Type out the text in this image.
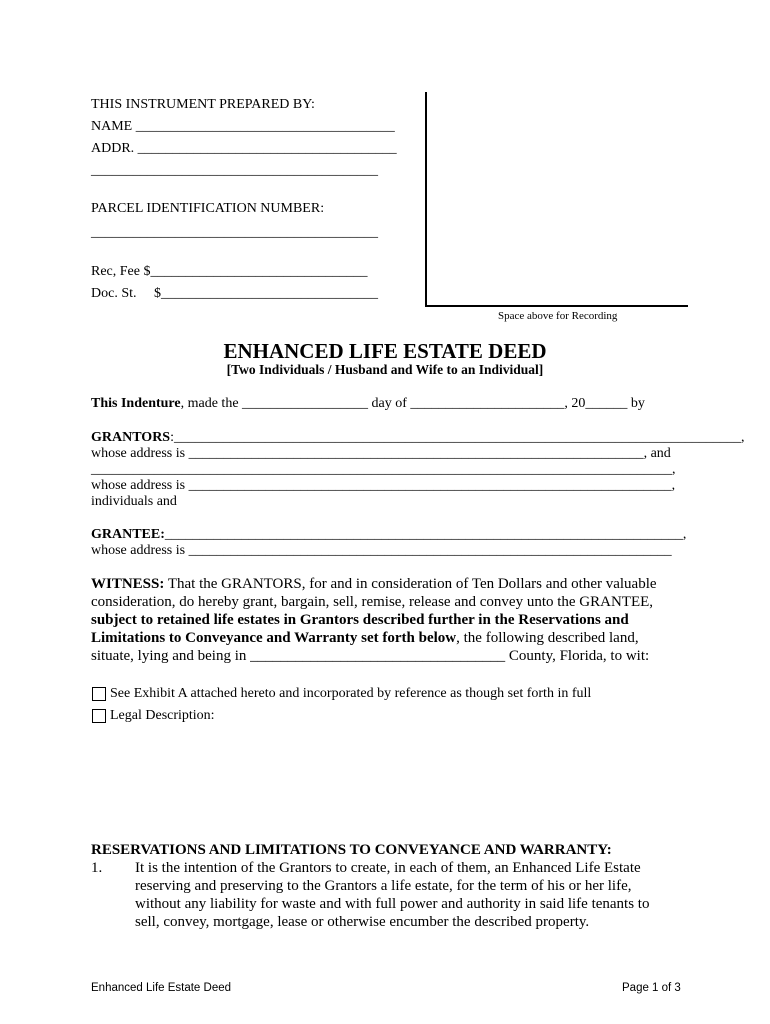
THIS INSTRUMENT PREPARED BY:
NAME _____________________________________
ADDR. _____________________________________
_________________________________________
PARCEL IDENTIFICATION NUMBER:
_________________________________________
Rec, Fee $_______________________________
Doc. St.     $_______________________________
Space above for Recording
ENHANCED LIFE ESTATE DEED
[Two Individuals / Husband and Wife to an Individual]
This Indenture, made the __________________ day of ______________________, 20______ by
GRANTORS:_________________________________________________________________________________,
whose address is _________________________________________________________________, and
___________________________________________________________________________________,
whose address is _____________________________________________________________________,
individuals and
GRANTEE:__________________________________________________________________________,
whose address is _____________________________________________________________________
WITNESS: That the GRANTORS, for and in consideration of Ten Dollars and other valuable
consideration, do hereby grant, bargain, sell, remise, release and convey unto the GRANTEE,
subject to retained life estates in Grantors described further in the Reservations and
Limitations to Conveyance and Warranty set forth below, the following described land,
situate, lying and being in __________________________________ County, Florida, to wit:
See Exhibit A attached hereto and incorporated by reference as though set forth in full
Legal Description:
RESERVATIONS AND LIMITATIONS TO CONVEYANCE AND WARRANTY:
1. It is the intention of the Grantors to create, in each of them, an Enhanced Life Estate
reserving and preserving to the Grantors a life estate, for the term of his or her life,
without any liability for waste and with full power and authority in said life tenants to
sell, convey, mortgage, lease or otherwise encumber the described property.
Enhanced Life Estate Deed	Page 1 of 3
